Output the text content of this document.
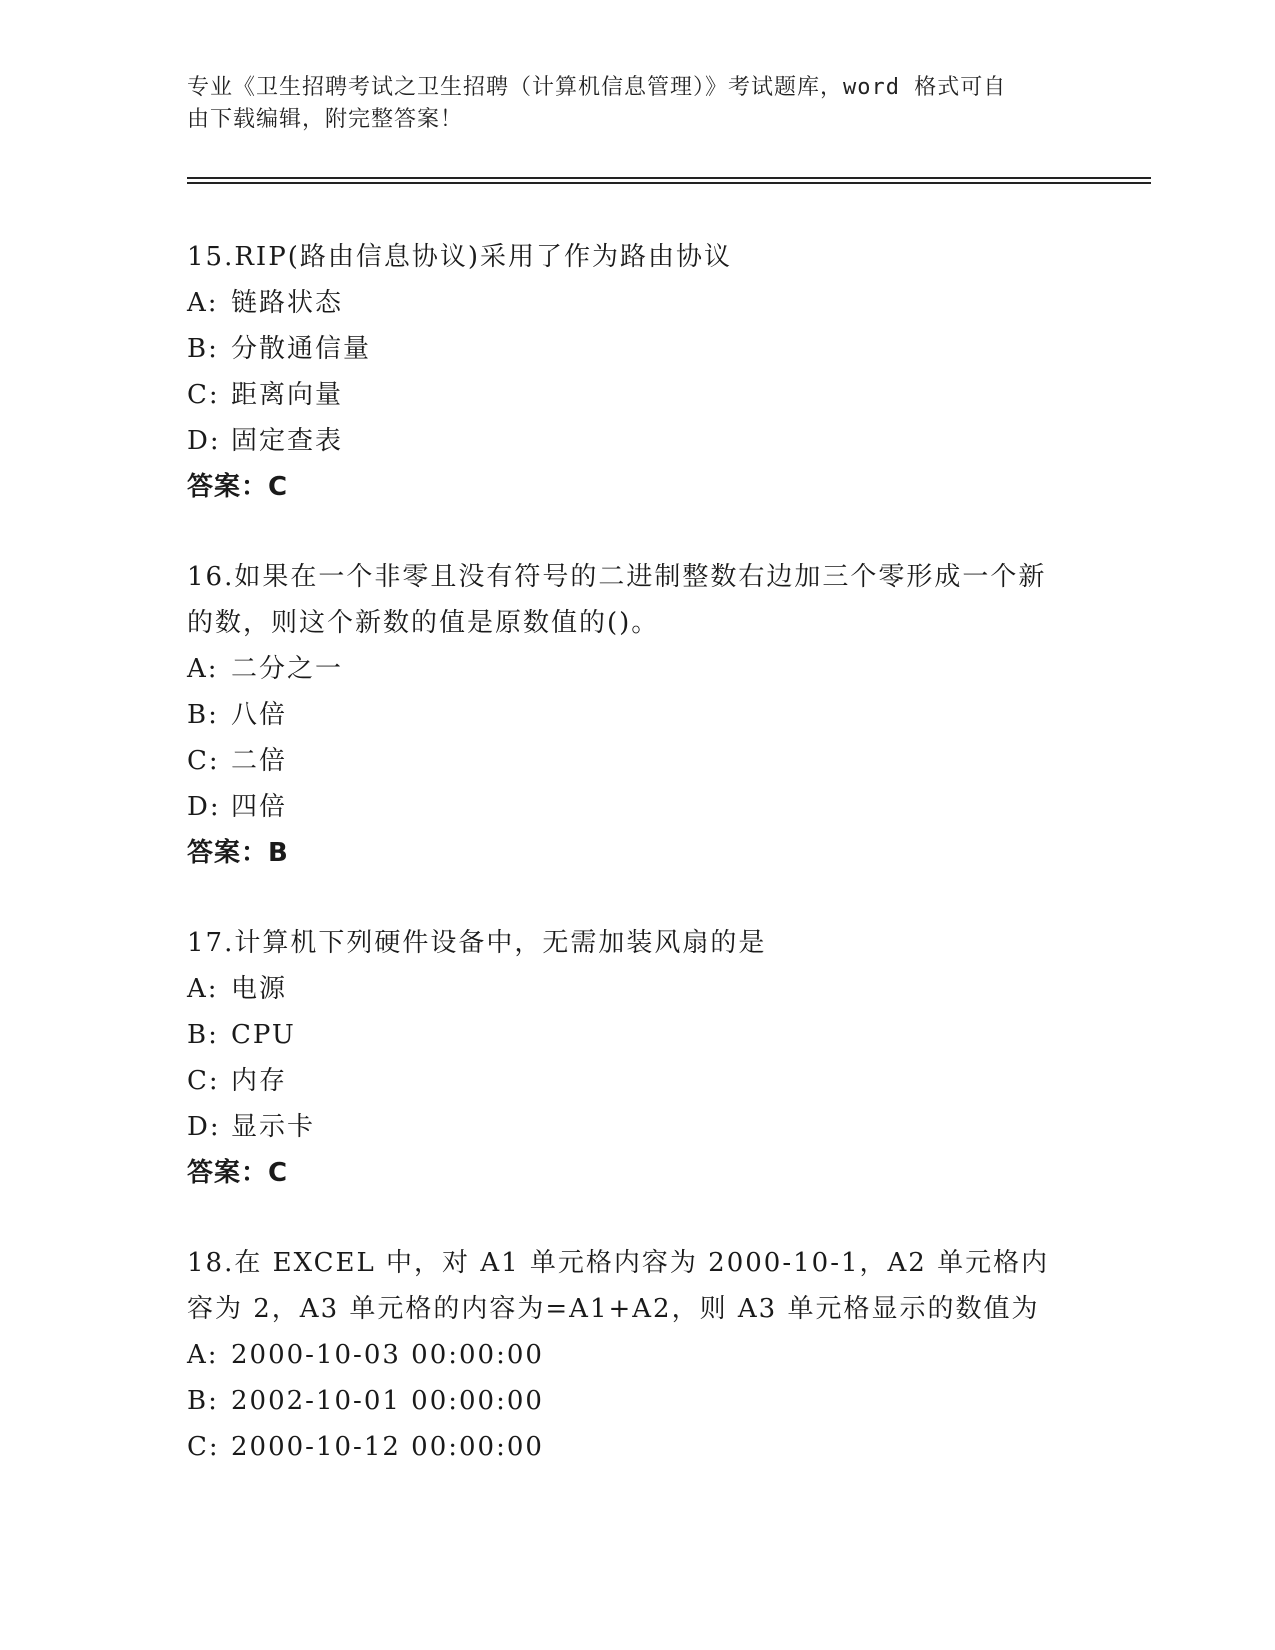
专业《卫生招聘考试之卫生招聘（计算机信息管理）》考试题库，word 格式可自
由下载编辑，附完整答案！

15.RIP(路由信息协议)采用了作为路由协议

A: 链路状态
B: 分散通信量
C: 距离向量
D: 固定查表
答案：C

16.如果在一个非零且没有符号的二进制整数右边加三个零形成一个新的数，则这个新数的值是原数值的()。

A: 二分之一
B: 八倍
C: 二倍
D: 四倍
答案：B

17.计算机下列硬件设备中，无需加装风扇的是

A: 电源
B: CPU
C: 内存
D: 显示卡
答案：C

18.在 EXCEL 中，对 A1 单元格内容为 2000-10-1，A2 单元格内容为 2，A3 单元格的内容为=A1+A2，则 A3 单元格显示的数值为

A: 2000-10-03 00:00:00
B: 2002-10-01 00:00:00
C: 2000-10-12 00:00:00
